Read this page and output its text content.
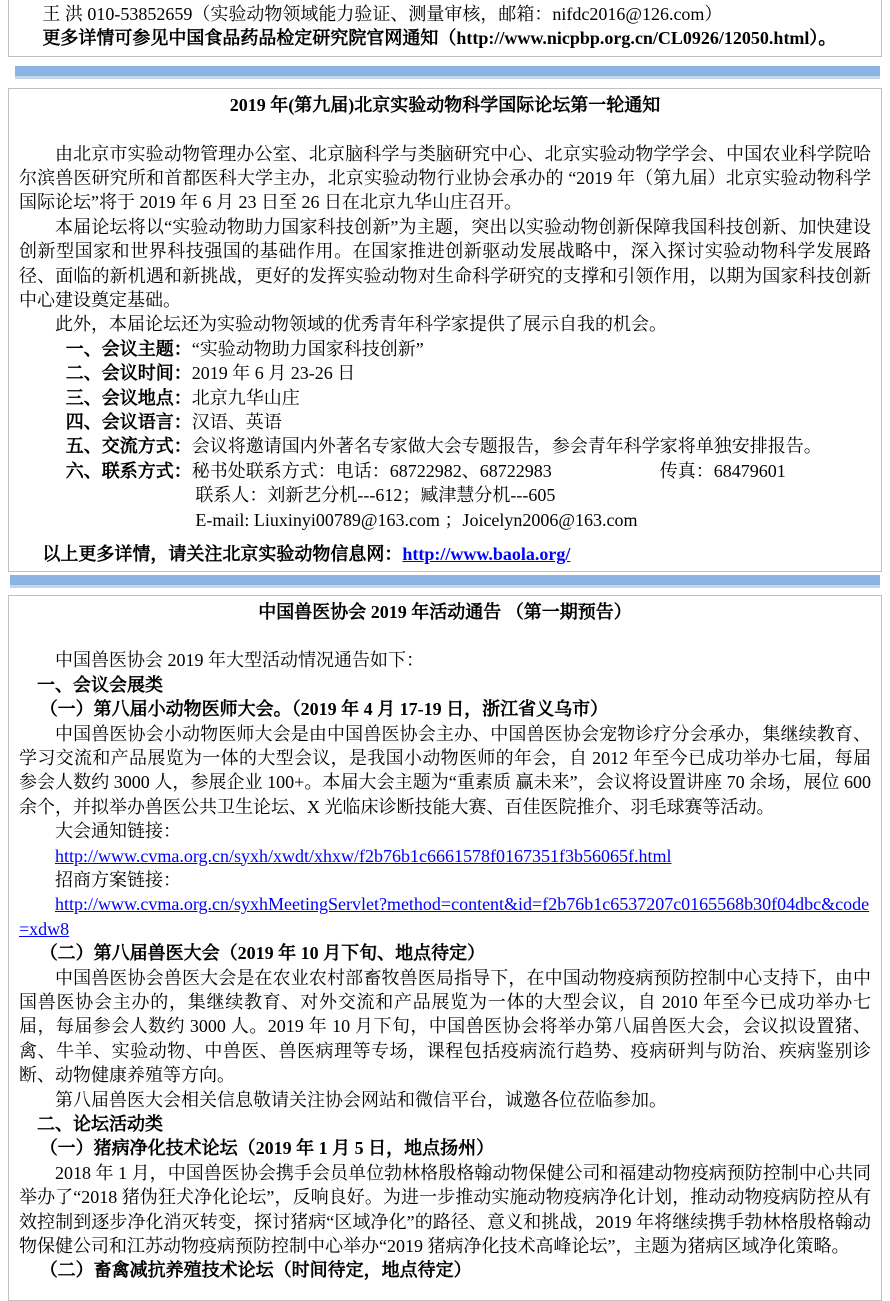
王 洪 010-53852659（实验动物领域能力验证、测量审核，邮箱：nifdc2016@126.com）

更多详情可参见中国食品药品检定研究院官网通知（http://www.nicpbp.org.cn/CL0926/12050.html）。

2019 年(第九届)北京实验动物科学国际论坛第一轮通知

由北京市实验动物管理办公室、北京脑科学与类脑研究中心、北京实验动物学学会、中国农业科学院哈尔滨兽医研究所和首都医科大学主办，北京实验动物行业协会承办的 “2019 年（第九届）北京实验动物科学国际论坛”将于 2019 年 6 月 23 日至 26 日在北京九华山庄召开。

本届论坛将以“实验动物助力国家科技创新”为主题，突出以实验动物创新保障我国科技创新、加快建设创新型国家和世界科技强国的基础作用。在国家推进创新驱动发展战略中，深入探讨实验动物科学发展路径、面临的新机遇和新挑战，更好的发挥实验动物对生命科学研究的支撑和引领作用，以期为国家科技创新中心建设奠定基础。

此外，本届论坛还为实验动物领域的优秀青年科学家提供了展示自我的机会。

一、会议主题：“实验动物助力国家科技创新”

二、会议时间：2019 年 6 月 23-26 日

三、会议地点：北京九华山庄

四、会议语言：汉语、英语

五、交流方式：会议将邀请国内外著名专家做大会专题报告，参会青年科学家将单独安排报告。

六、联系方式：秘书处联系方式：电话：68722982、68722983　　　　　　传真：68479601

联系人：刘新艺分机---612；臧津慧分机---605

E-mail: Liuxinyi00789@163.com ；Joicelyn2006@163.com

以上更多详情，请关注北京实验动物信息网：http://www.baola.org/

中国兽医协会 2019 年活动通告 （第一期预告）

中国兽医协会 2019 年大型活动情况通告如下：

一、会议会展类

（一）第八届小动物医师大会。（2019 年 4 月 17-19 日，浙江省义乌市）

中国兽医协会小动物医师大会是由中国兽医协会主办、中国兽医协会宠物诊疗分会承办，集继续教育、学习交流和产品展览为一体的大型会议，是我国小动物医师的年会，自 2012 年至今已成功举办七届，每届参会人数约 3000 人，参展企业 100+。本届大会主题为“重素质 赢未来”，会议将设置讲座 70 余场，展位 600 余个，并拟举办兽医公共卫生论坛、X 光临床诊断技能大赛、百佳医院推介、羽毛球赛等活动。

大会通知链接：

http://www.cvma.org.cn/syxh/xwdt/xhxw/f2b76b1c6661578f0167351f3b56065f.html

招商方案链接：

http://www.cvma.org.cn/syxhMeetingServlet?method=content&id=f2b76b1c6537207c0165568b30f04dbc&code=xdw8

（二）第八届兽医大会（2019 年 10 月下旬、地点待定）

中国兽医协会兽医大会是在农业农村部畜牧兽医局指导下，在中国动物疫病预防控制中心支持下，由中国兽医协会主办的，集继续教育、对外交流和产品展览为一体的大型会议，自 2010 年至今已成功举办七届，每届参会人数约 3000 人。2019 年 10 月下旬，中国兽医协会将举办第八届兽医大会，会议拟设置猪、禽、牛羊、实验动物、中兽医、兽医病理等专场，课程包括疫病流行趋势、疫病研判与防治、疾病鉴别诊断、动物健康养殖等方向。

第八届兽医大会相关信息敬请关注协会网站和微信平台，诚邀各位莅临参加。

二、论坛活动类

（一）猪病净化技术论坛（2019 年 1 月 5 日，地点扬州）

2018 年 1 月，中国兽医协会携手会员单位勃林格殷格翰动物保健公司和福建动物疫病预防控制中心共同举办了“2018 猪伪狂犬净化论坛”，反响良好。为进一步推动实施动物疫病净化计划，推动动物疫病防控从有效控制到逐步净化消灭转变，探讨猪病“区域净化”的路径、意义和挑战，2019 年将继续携手勃林格殷格翰动物保健公司和江苏动物疫病预防控制中心举办“2019 猪病净化技术高峰论坛”，主题为猪病区域净化策略。

（二）畜禽减抗养殖技术论坛（时间待定，地点待定）
